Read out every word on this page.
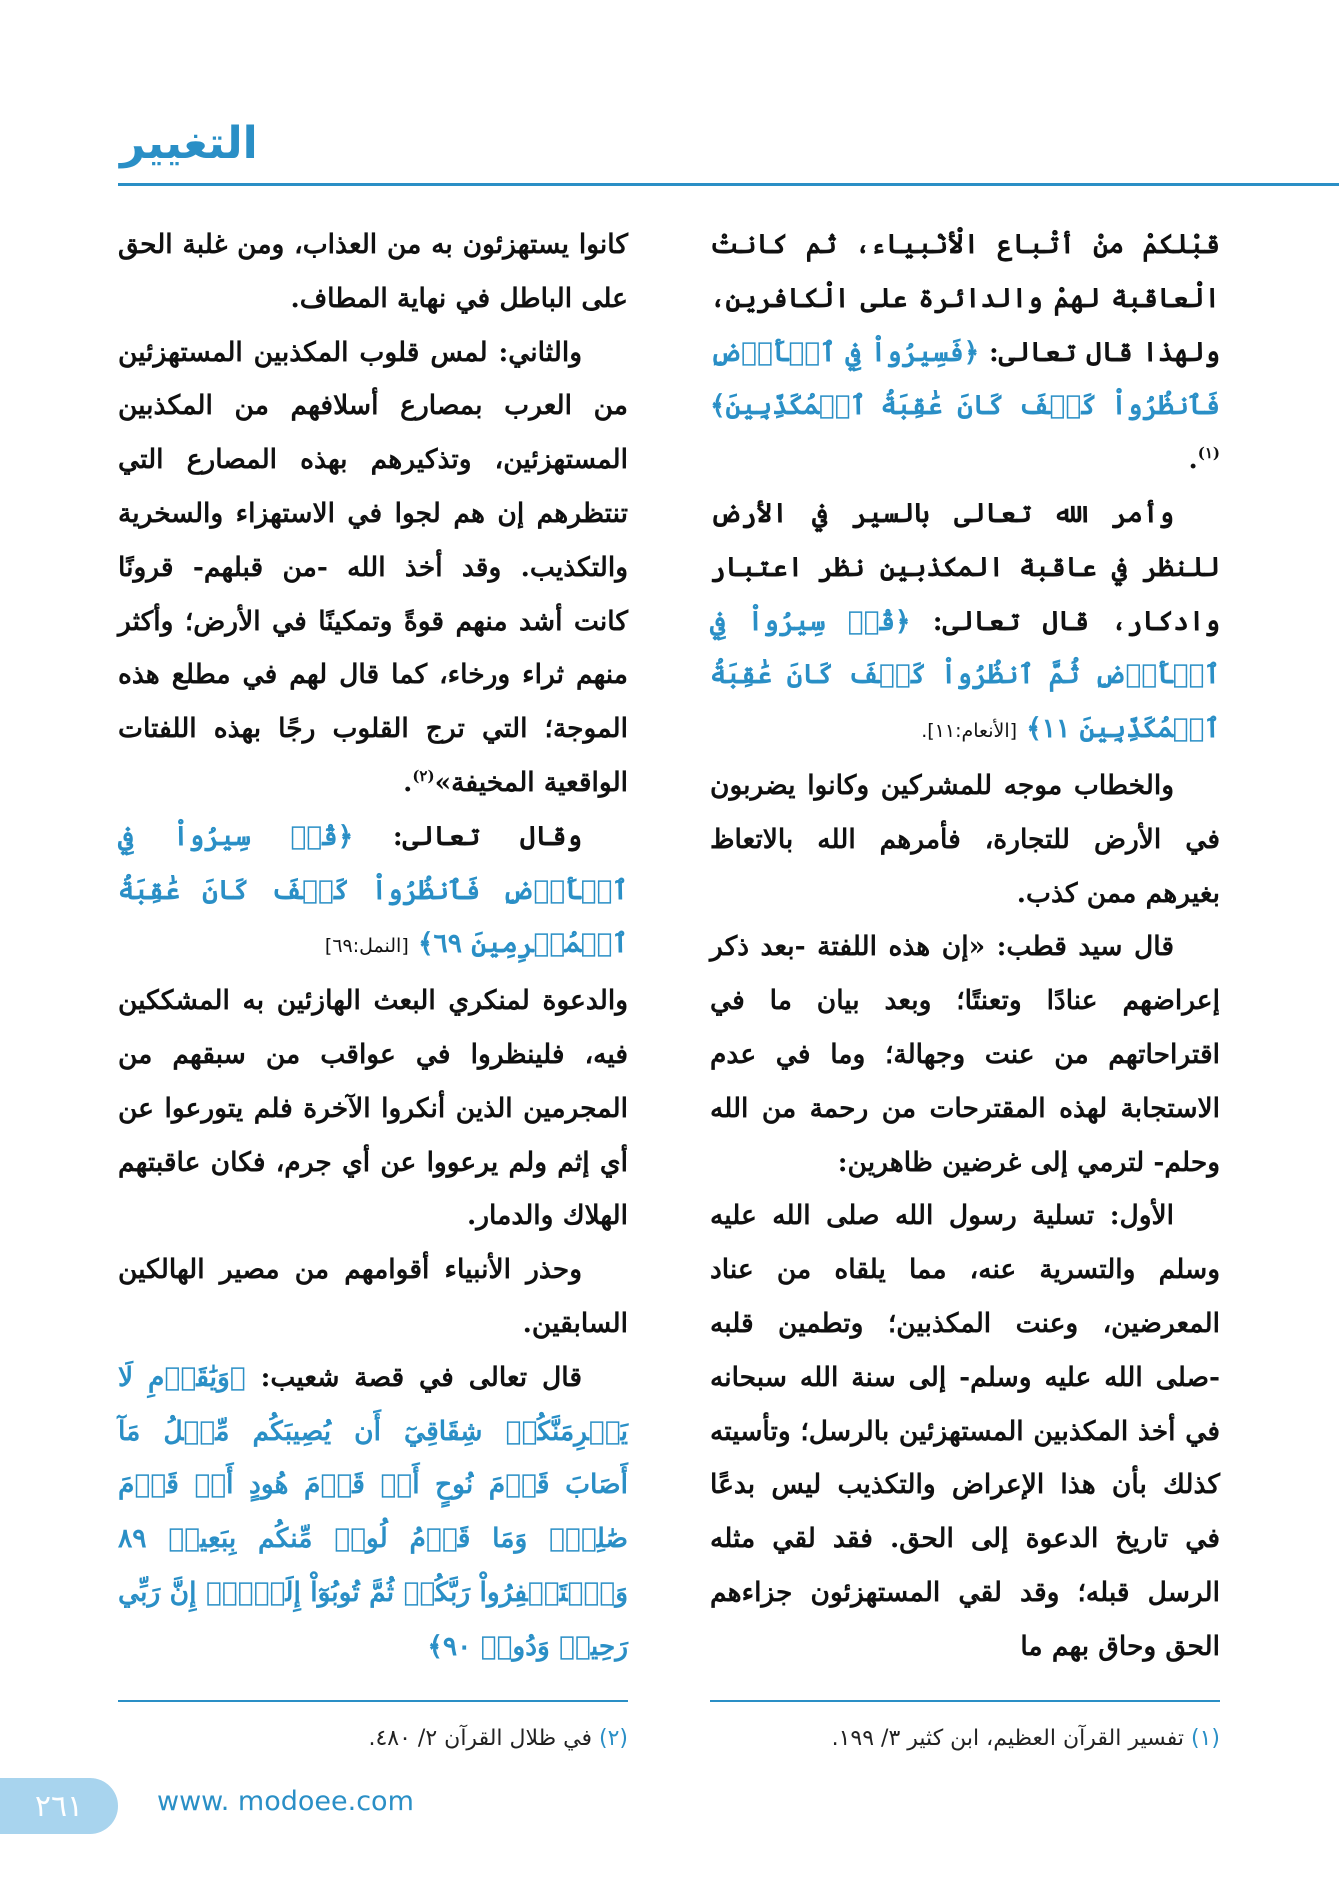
التغيير

قبْلكمْ منْ أتْباع الْأنْبياء، ثم كانتْ الْعاقبة لهمْ والدائرة على الْكافرين، ولهذا قال تعالى: ﴿فَسِيرُواْ فِي ٱلۡأَرۡضِ فَٱنظُرُواْ كَيۡفَ كَانَ عَٰقِبَةُ ٱلۡمُكَذِّبِينَ﴾$^{(١)}$.

وأمر الله تعالى بالسير في الأرض للنظر في عاقبة المكذبين نظر اعتبار وادكار، قال تعالى: ﴿قُلۡ سِيرُواْ فِي ٱلۡأَرۡضِ ثُمَّ ٱنظُرُواْ كَيۡفَ كَانَ عَٰقِبَةُ ٱلۡمُكَذِّبِينَ ١١﴾ [الأنعام:١١].

والخطاب موجه للمشركين وكانوا يضربون في الأرض للتجارة، فأمرهم الله بالاتعاظ بغيرهم ممن كذب.

قال سيد قطب: «إن هذه اللفتة -بعد ذكر إعراضهم عنادًا وتعنتًا؛ وبعد بيان ما في اقتراحاتهم من عنت وجهالة؛ وما في عدم الاستجابة لهذه المقترحات من رحمة من الله وحلم- لترمي إلى غرضين ظاهرين:

الأول: تسلية رسول الله صلى الله عليه وسلم والتسرية عنه، مما يلقاه من عناد المعرضين، وعنت المكذبين؛ وتطمين قلبه -صلى الله عليه وسلم- إلى سنة الله سبحانه في أخذ المكذبين المستهزئين بالرسل؛ وتأسيته كذلك بأن هذا الإعراض والتكذيب ليس بدعًا في تاريخ الدعوة إلى الحق. فقد لقي مثله الرسل قبله؛ وقد لقي المستهزئون جزاءهم الحق وحاق بهم ما

كانوا يستهزئون به من العذاب، ومن غلبة الحق على الباطل في نهاية المطاف.

والثاني: لمس قلوب المكذبين المستهزئين من العرب بمصارع أسلافهم من المكذبين المستهزئين، وتذكيرهم بهذه المصارع التي تنتظرهم إن هم لجوا في الاستهزاء والسخرية والتكذيب. وقد أخذ الله -من قبلهم- قرونًا كانت أشد منهم قوةً وتمكينًا في الأرض؛ وأكثر منهم ثراء ورخاء، كما قال لهم في مطلع هذه الموجة؛ التي ترج القلوب رجًا بهذه اللفتات الواقعية المخيفة»$^{(٢)}$.

وقال تعالى: ﴿قُلۡ سِيرُواْ فِي ٱلۡأَرۡضِ فَٱنظُرُواْ كَيۡفَ كَانَ عَٰقِبَةُ ٱلۡمُجۡرِمِينَ ٦٩﴾ [النمل:٦٩]

والدعوة لمنكري البعث الهازئين به المشككين فيه، فلينظروا في عواقب من سبقهم من المجرمين الذين أنكروا الآخرة فلم يتورعوا عن أي إثم ولم يرعووا عن أي جرم، فكان عاقبتهم الهلاك والدمار.

وحذر الأنبياء أقوامهم من مصير الهالكين السابقين.

قال تعالى في قصة شعيب: ﴿وَيَٰقَوۡمِ لَا يَجۡرِمَنَّكُمۡ شِقَاقِيٓ أَن يُصِيبَكُم مِّثۡلُ مَآ أَصَابَ قَوۡمَ نُوحٍ أَوۡ قَوۡمَ هُودٍ أَوۡ قَوۡمَ صَٰلِحٖۚ وَمَا قَوۡمُ لُوطٖ مِّنكُم بِبَعِيدٖ ٨٩ وَٱسۡتَغۡفِرُواْ رَبَّكُمۡ ثُمَّ تُوبُوٓاْ إِلَيۡهِۚ إِنَّ رَبِّي رَحِيمٞ وَدُودٞ ٩٠﴾

(١) تفسير القرآن العظيم، ابن كثير ٣/ ١٩٩.
(٢) في ظلال القرآن ٢/ ٤٨٠.
٢٦١	www. modoee.com
